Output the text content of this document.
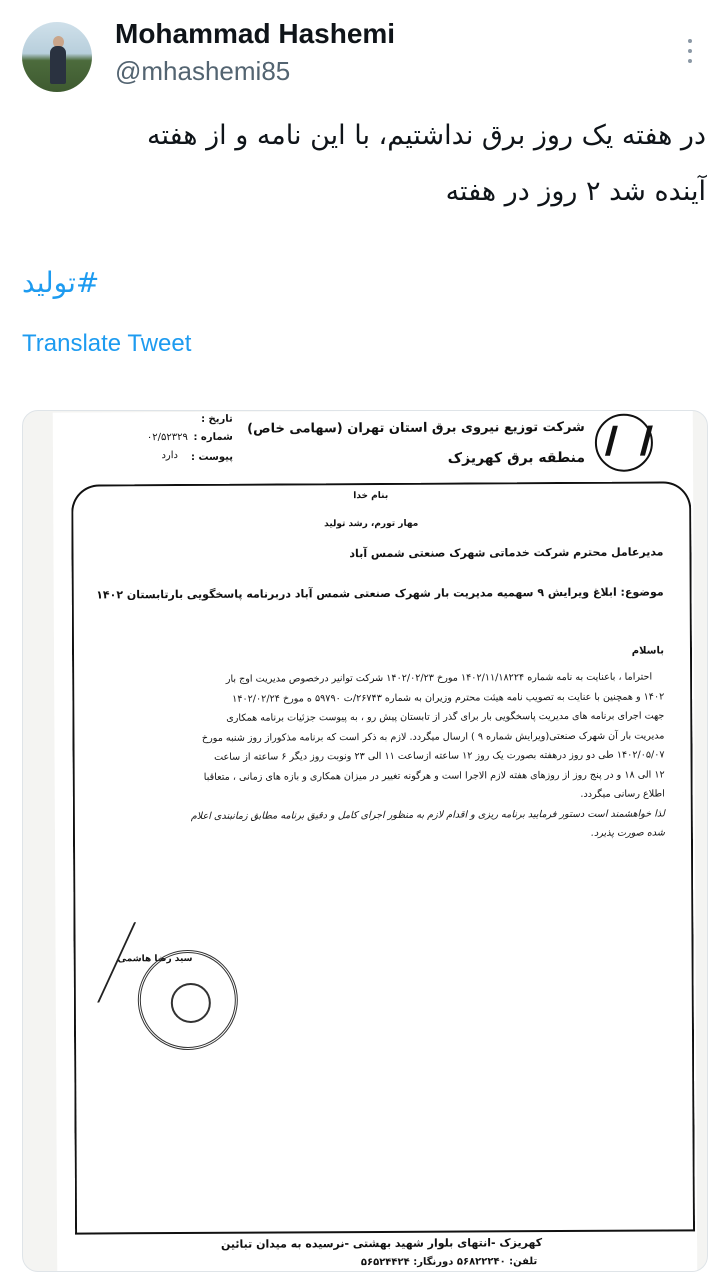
Mohammad Hashemi
@mhashemi85
در هفته یک روز برق نداشتیم، با این نامه و از هفته
آینده شد ۲ روز در هفته
#تولید
Translate Tweet
شرکت توزیع نیروی برق استان تهران (سهامی خاص)
منطقه برق کهریزک
تاریخ :
شماره :
۰۲/۵۲۳۲۹
پیوست :
دارد
بنام خدا
مهار تورم، رشد تولید
مدیرعامل محترم شرکت خدماتی شهرک صنعتی شمس آباد
موضوع: ابلاغ ویرایش ۹ سهمیه مدیریت بار شهرک صنعتی شمس آباد دربرنامه پاسخگویی بارتابستان ۱۴۰۲
باسلام
احتراما ، باعنایت به نامه شماره ۱۴۰۲/۱۱/۱۸۲۲۴ مورخ ۱۴۰۲/۰۲/۲۳ شرکت توانیر درخصوص مدیریت اوج بار
۱۴۰۲ و همچنین با عنایت به تصویب نامه هیئت محترم وزیران به شماره ۲۶۷۴۳/ت ۵۹۷۹۰ ه مورخ ۱۴۰۲/۰۲/۲۴
جهت اجرای برنامه های مدیریت پاسخگویی بار برای گذر از تابستان پیش رو ، به پیوست جزئیات برنامه همکاری
مدیریت بار آن شهرک صنعتی(ویرایش شماره ۹ ) ارسال میگردد. لازم به ذکر است که برنامه مذکوراز روز شنبه مورخ
۱۴۰۲/۰۵/۰۷ طی دو روز درهفته بصورت یک روز ۱۲ ساعته ازساعت ۱۱ الی ۲۳ ونوبت روز دیگر ۶ ساعته از ساعت
۱۲ الی ۱۸ و در پنج روز از روزهای هفته لازم الاجرا است و هرگونه تغییر در میزان همکاری و بازه های زمانی ، متعاقبا
اطلاع رسانی میگردد.
لذا خواهشمند است دستور فرمایید برنامه ریزی و اقدام لازم به منظور اجرای کامل و دقیق برنامه مطابق زمانبندی اعلام
شده صورت پذیرد.
سید رضا هاشمی
کهریزک -انتهای بلوار شهید بهشتی -نرسیده به میدان تبائین
تلفن: ۵۶۸۲۲۲۴۰ دورنگار: ۵۶۵۲۴۴۲۴
